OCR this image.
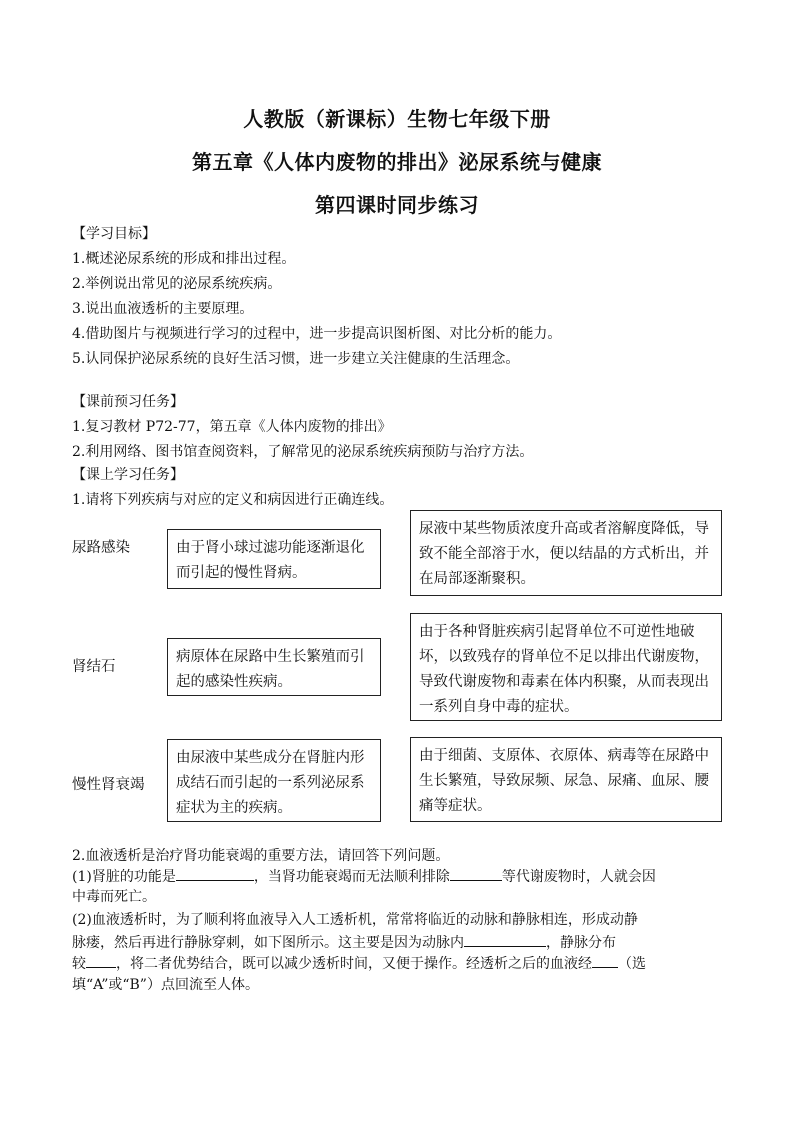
人教版（新课标）生物七年级下册
第五章《人体内废物的排出》泌尿系统与健康
第四课时同步练习
【学习目标】
1.概述泌尿系统的形成和排出过程。
2.举例说出常见的泌尿系统疾病。
3.说出血液透析的主要原理。
4.借助图片与视频进行学习的过程中，进一步提高识图析图、对比分析的能力。
5.认同保护泌尿系统的良好生活习惯，进一步建立关注健康的生活理念。
【课前预习任务】
1.复习教材 P72-77，第五章《人体内废物的排出》
2.利用网络、图书馆查阅资料，了解常见的泌尿系统疾病预防与治疗方法。
【课上学习任务】
1.请将下列疾病与对应的定义和病因进行正确连线。
尿路感染
肾结石
慢性肾衰竭
由于肾小球过滤功能逐渐退化而引起的慢性肾病。
病原体在尿路中生长繁殖而引起的感染性疾病。
由尿液中某些成分在肾脏内形成结石而引起的一系列泌尿系症状为主的疾病。
尿液中某些物质浓度升高或者溶解度降低，导致不能全部溶于水，便以结晶的方式析出，并在局部逐渐聚积。
由于各种肾脏疾病引起肾单位不可逆性地破坏，以致残存的肾单位不足以排出代谢废物，导致代谢废物和毒素在体内积聚，从而表现出一系列自身中毒的症状。
由于细菌、支原体、衣原体、病毒等在尿路中生长繁殖，导致尿频、尿急、尿痛、血尿、腰痛等症状。
2.血液透析是治疗肾功能衰竭的重要方法，请回答下列问题。
(1)肾脏的功能是	，当肾功能衰竭而无法顺利排除	等代谢废物时，人就会因
中毒而死亡。
(2)血液透析时，为了顺利将血液导入人工透析机，常常将临近的动脉和静脉相连，形成动静
脉瘘，然后再进行静脉穿刺，如下图所示。这主要是因为动脉内	，静脉分布
较 ，将二者优势结合，既可以减少透析时间，又便于操作。经透析之后的血液经 （选
填“A”或“B”）点回流至人体。
